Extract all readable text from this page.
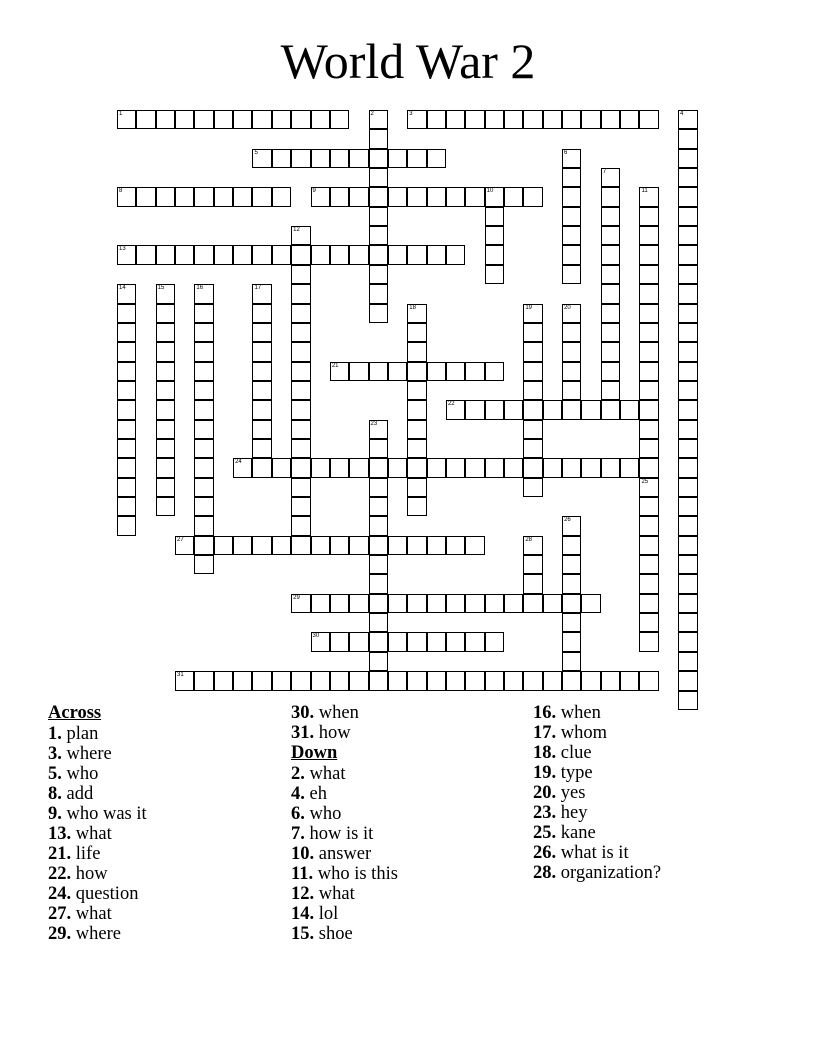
World War 2
1	2	3	4
5	6
7
8	9	10	11
12
13
14	15	16	17
18	19	20
21
22
23
24
25
26
27	28
29
30
31
Across
1. plan
3. where
5. who
8. add
9. who was it
13. what
21. life
22. how
24. question
27. what
29. where
30. when
31. how
Down
2. what
4. eh
6. who
7. how is it
10. answer
11. who is this
12. what
14. lol
15. shoe
16. when
17. whom
18. clue
19. type
20. yes
23. hey
25. kane
26. what is it
28. organization?
